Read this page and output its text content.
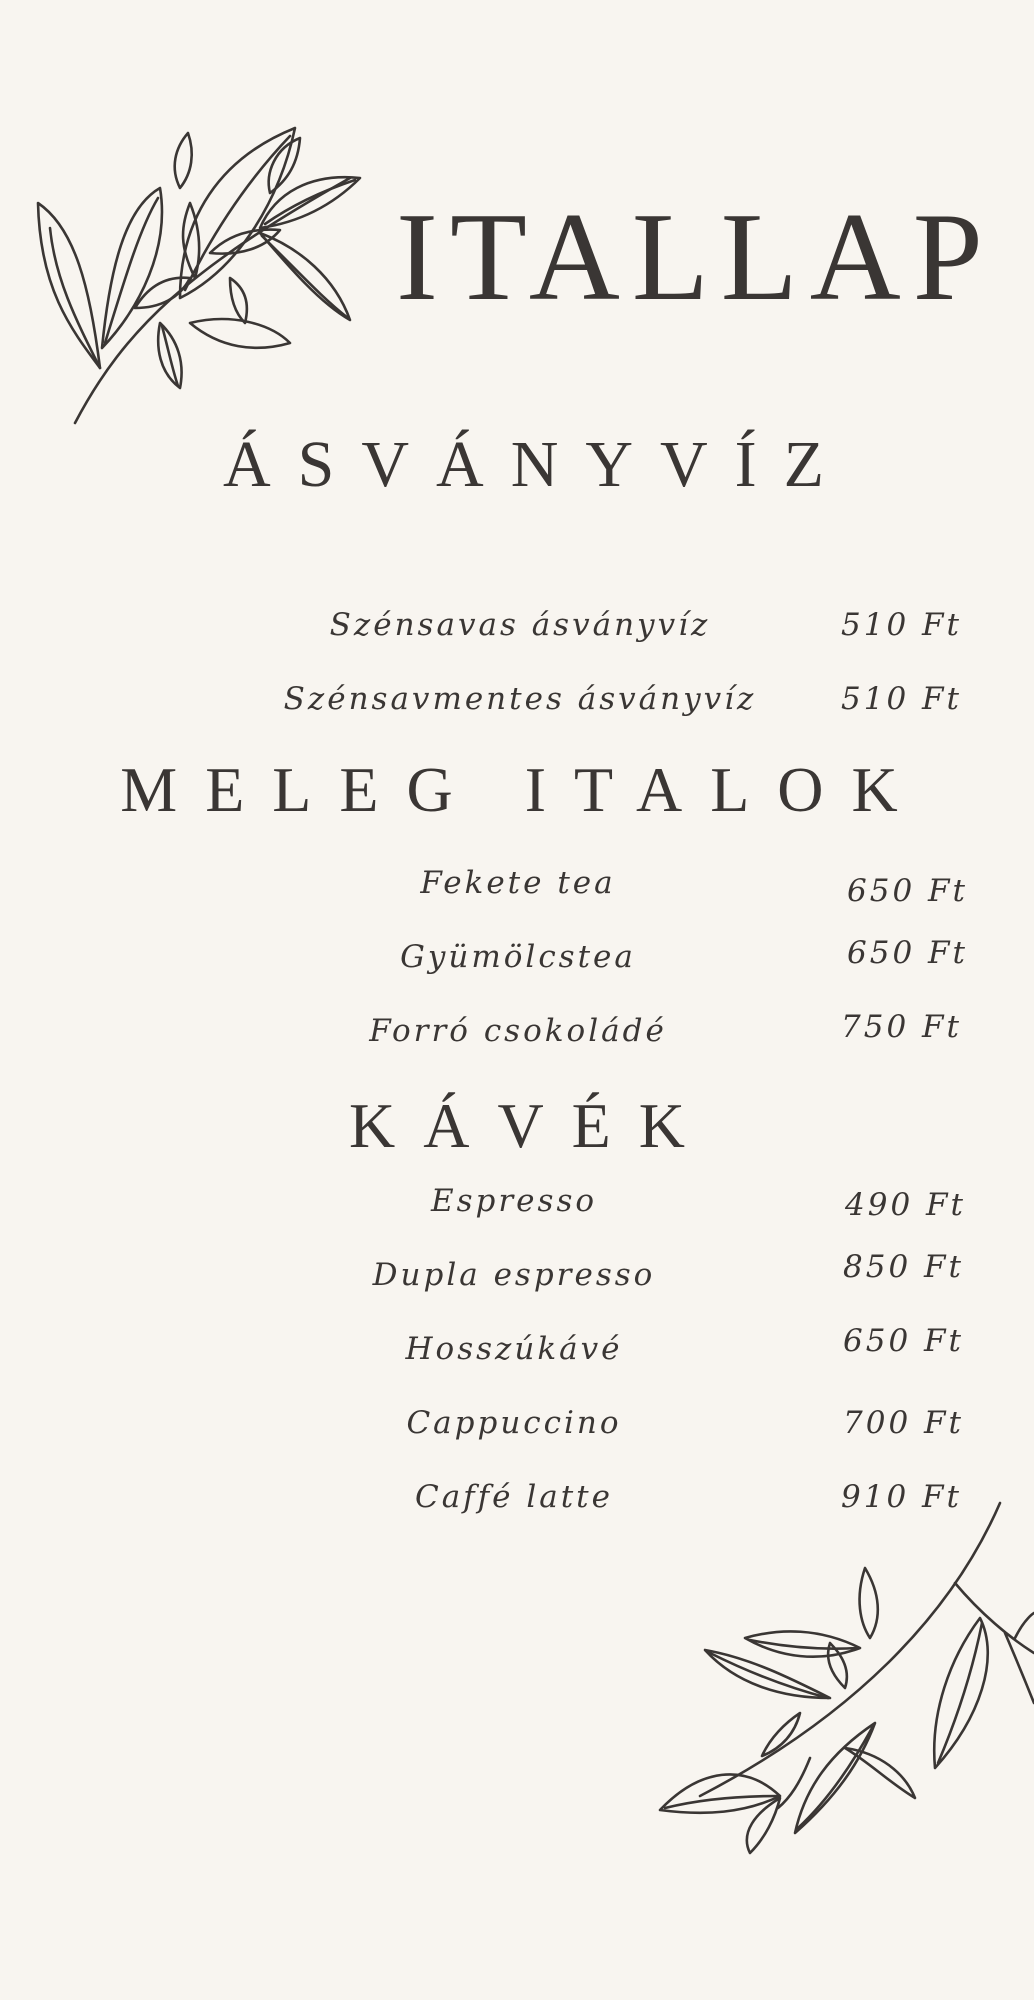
ITALLAP
ÁSVÁNYVÍZ
Szénsavas ásványvíz	510 Ft
Szénsavmentes ásványvíz	510 Ft
MELEG ITALOK
Fekete tea	650 Ft
Gyümölcstea	650 Ft
Forró csokoládé	750 Ft
KÁVÉK
Espresso	490 Ft
Dupla espresso	850 Ft
Hosszúkávé	650 Ft
Cappuccino	700 Ft
Caffé latte	910 Ft
